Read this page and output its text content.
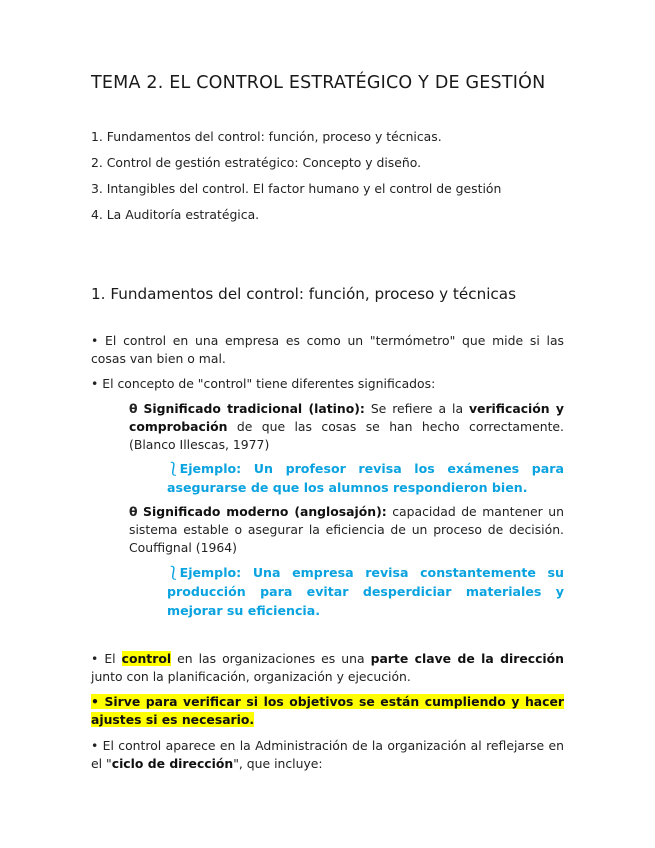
TEMA 2. EL CONTROL ESTRATÉGICO Y DE GESTIÓN
1. Fundamentos del control: función, proceso y técnicas.
2. Control de gestión estratégico: Concepto y diseño.
3. Intangibles del control. El factor humano y el control de gestión
4. La Auditoría estratégica.
1. Fundamentos del control: función, proceso y técnicas
• El control en una empresa es como un "termómetro" que mide si las cosas van bien o mal.
• El concepto de "control" tiene diferentes significados:
θ Significado tradicional (latino): Se refiere a la verificación y comprobación de que las cosas se han hecho correctamente. (Blanco Illescas, 1977)
⎱Ejemplo: Un profesor revisa los exámenes para asegurarse de que los alumnos respondieron bien.
θ Significado moderno (anglosajón): capacidad de mantener un sistema estable o asegurar la eficiencia de un proceso de decisión. Couffignal (1964)
⎱Ejemplo: Una empresa revisa constantemente su producción para evitar desperdiciar materiales y mejorar su eficiencia.
• El control en las organizaciones es una parte clave de la dirección junto con la planificación, organización y ejecución.
• Sirve para verificar si los objetivos se están cumpliendo y hacer ajustes si es necesario.
• El control aparece en la Administración de la organización al reflejarse en el "ciclo de dirección", que incluye:
